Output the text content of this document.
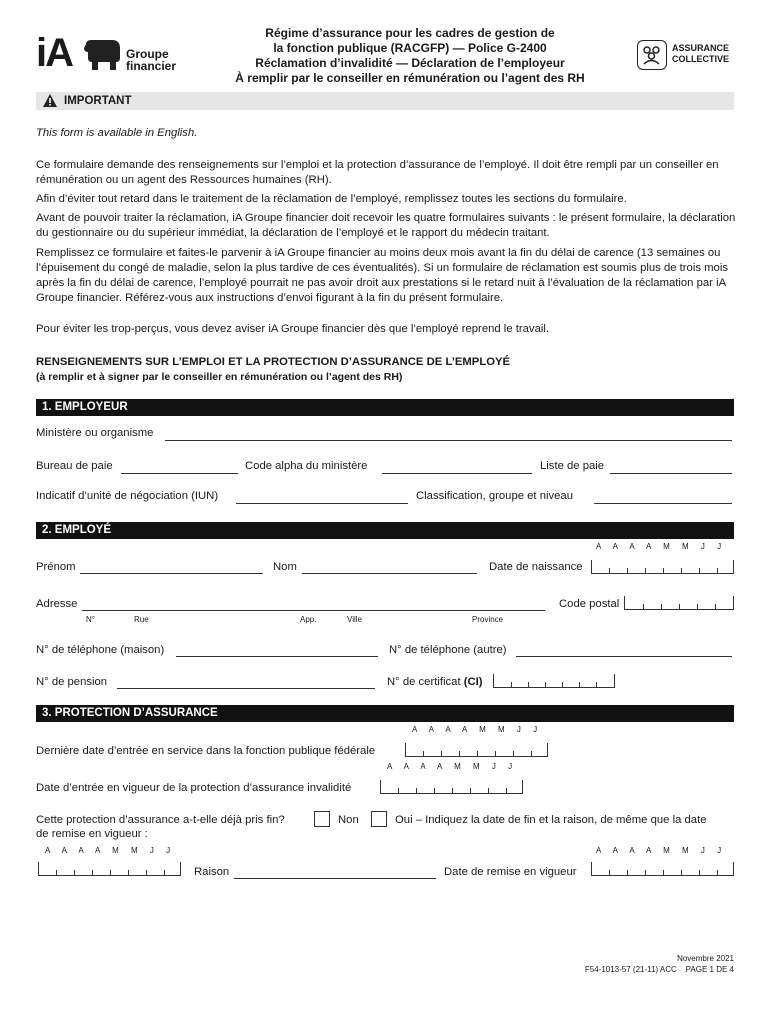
iA	Groupe
financier
Régime d’assurance pour les cadres de gestion de
la fonction publique (RACGFP) — Police G-2400
Réclamation d’invalidité — Déclaration de l’employeur
À remplir par le conseiller en rémunération ou l’agent des RH
ASSURANCE
COLLECTIVE
IMPORTANT
This form is available in English.
Ce formulaire demande des renseignements sur l’emploi et la protection d’assurance de l’employé. Il doit être rempli par un conseiller en rémunération ou un agent des Ressources humaines (RH).
Afin d’éviter tout retard dans le traitement de la réclamation de l’employé, remplissez toutes les sections du formulaire.
Avant de pouvoir traiter la réclamation, iA Groupe financier doit recevoir les quatre formulaires suivants : le présent formulaire, la déclaration du gestionnaire ou du supérieur immédiat, la déclaration de l’employé et le rapport du médecin traitant.
Remplissez ce formulaire et faites-le parvenir à iA Groupe financier au moins deux mois avant la fin du délai de carence (13 semaines ou l’épuisement du congé de maladie, selon la plus tardive de ces éventualités). Si un formulaire de réclamation est soumis plus de trois mois après la fin du délai de carence, l’employé pourrait ne pas avoir droit aux prestations si le retard nuit à l’évaluation de la réclamation par iA Groupe financier. Référez-vous aux instructions d’envoi figurant à la fin du présent formulaire.
Pour éviter les trop-perçus, vous devez aviser iA Groupe financier dès que l’employé reprend le travail.
RENSEIGNEMENTS SUR L’EMPLOI ET LA PROTECTION D’ASSURANCE DE L’EMPLOYÉ
(à remplir et à signer par le conseiller en rémunération ou l’agent des RH)
1. EMPLOYEUR
Ministère ou organisme
Bureau de paie	Code alpha du ministère	Liste de paie
Indicatif d’unité de négociation (IUN)	Classification, groupe et niveau
2. EMPLOYÉ
A A A A M M J J
Prénom	Nom	Date de naissance
Adresse	Code postal
N°	Rue	App.	Ville	Province
N° de téléphone (maison)	N° de téléphone (autre)
N° de pension	N° de certificat (CI)
3. PROTECTION D’ASSURANCE
A A A A M M J J
Dernière date d’entrée en service dans la fonction publique fédérale
A A A A M M J J
Date d’entrée en vigueur de la protection d’assurance invalidité
Cette protection d’assurance a-t-elle déjà pris fin?
de remise en vigueur :
Non	Oui – Indiquez la date de fin et la raison, de même que la date
A A A A M M J J
Raison
A A A A M M J J
Date de remise en vigueur
Novembre 2021
F54-1013-57 (21-11) ACC PAGE 1 DE 4
